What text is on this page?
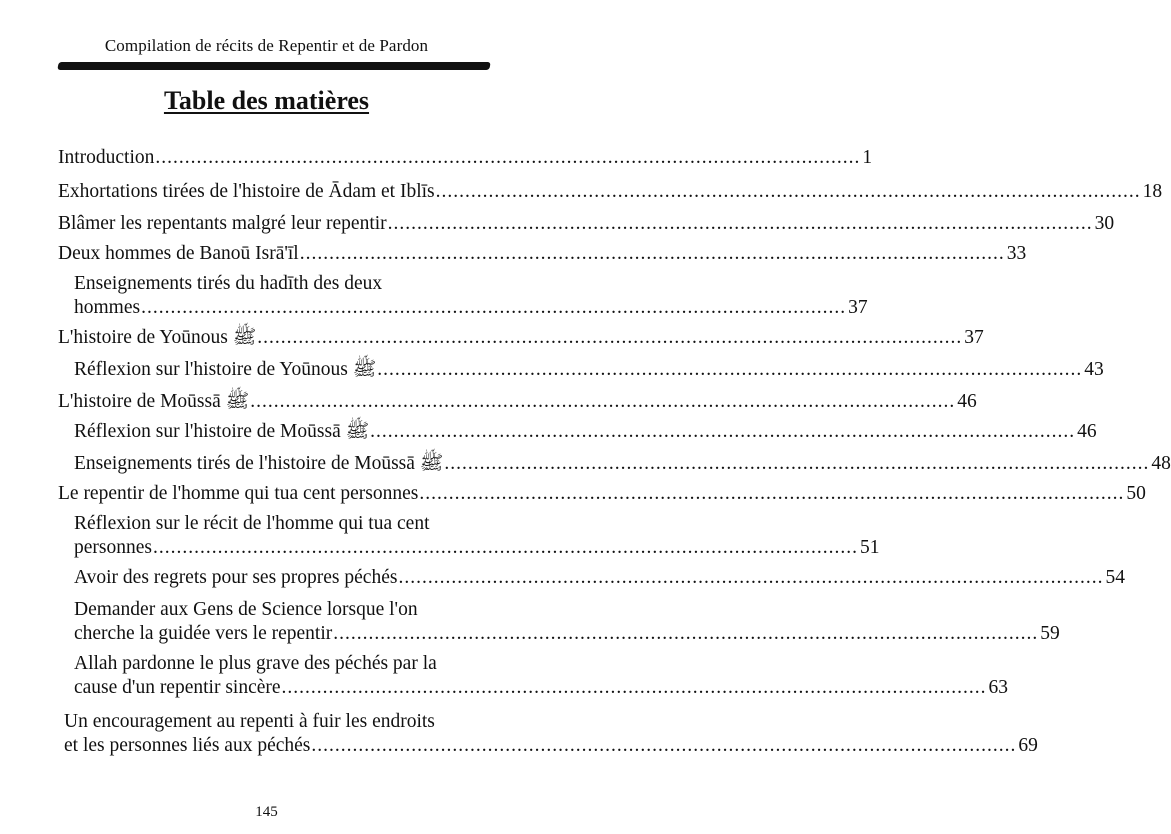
Compilation de récits de Repentir et de Pardon
Table des matières
Introduction ........................................................................................................................ 1
Exhortations tirées de l'histoire de Ādam et Iblīs ........................................................................................................................ 18
Blâmer les repentants malgré leur repentir ........................................................................................................................ 30
Deux hommes de Banoū Isrā'īl ........................................................................................................................ 33
Enseignements tirés du hadīth des deux
hommes ........................................................................................................................ 37
L'histoire de Yoūnous ﷺ ........................................................................................................................ 37
Réflexion sur l'histoire de Yoūnous ﷺ ........................................................................................................................ 43
L'histoire de Moūssā ﷺ ........................................................................................................................ 46
Réflexion sur l'histoire de Moūssā ﷺ ........................................................................................................................ 46
Enseignements tirés de l'histoire de Moūssā ﷺ ........................................................................................................................ 48
Le repentir de l'homme qui tua cent personnes ........................................................................................................................ 50
Réflexion sur le récit de l'homme qui tua cent
personnes ........................................................................................................................ 51
Avoir des regrets pour ses propres péchés ........................................................................................................................ 54
Demander aux Gens de Science lorsque l'on
cherche la guidée vers le repentir ........................................................................................................................ 59
Allah pardonne le plus grave des péchés par la
cause d'un repentir sincère ........................................................................................................................ 63
Un encouragement au repenti à fuir les endroits
et les personnes liés aux péchés ........................................................................................................................ 69
145
